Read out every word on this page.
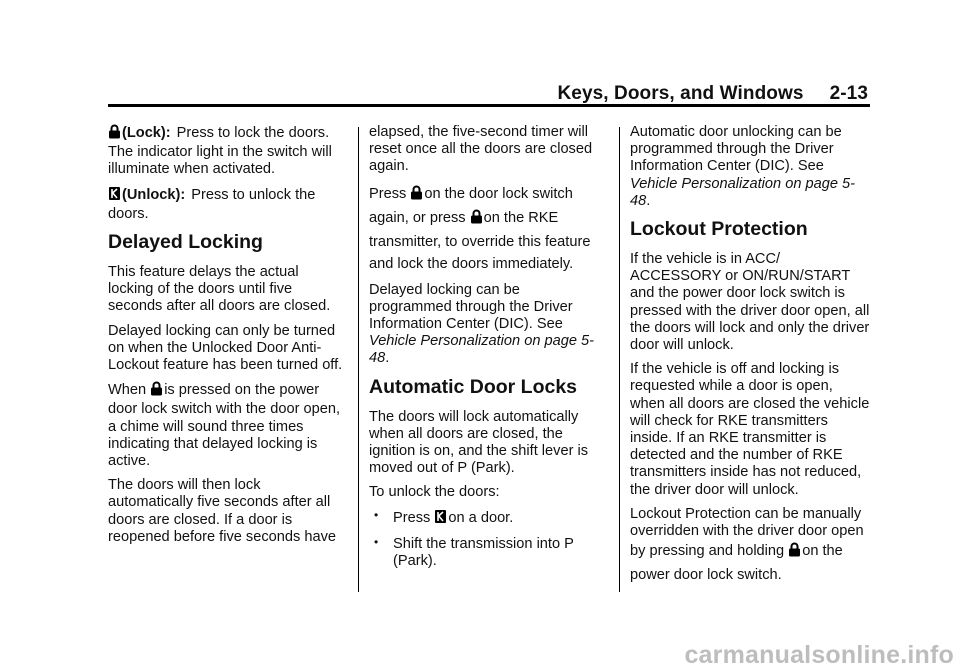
Keys, Doors, and Windows 2-13

(Lock): Press to lock the doors. The indicator light in the switch will illuminate when activated.

(Unlock): Press to unlock the
doors.

Delayed Locking

This feature delays the actual locking of the doors until five seconds after all doors are closed.

Delayed locking can only be turned on when the Unlocked Door Anti-Lockout feature has been turned off.

When is pressed on the power door lock switch with the door open, a chime will sound three times indicating that delayed locking is active.

The doors will then lock automatically five seconds after all doors are closed. If a door is reopened before five seconds have

elapsed, the five-second timer will reset once all the doors are closed again.

Press on the door lock switch
again, or press on the RKE
transmitter, to override this feature and lock the doors immediately.

Delayed locking can be programmed through the Driver Information Center (DIC). See Vehicle Personalization on page 5-48.

Automatic Door Locks

The doors will lock automatically when all doors are closed, the ignition is on, and the shift lever is moved out of P (Park).

To unlock the doors:

• Press on a door.
• Shift the transmission into P (Park).

Automatic door unlocking can be programmed through the Driver Information Center (DIC). See Vehicle Personalization on page 5-48.

Lockout Protection

If the vehicle is in ACC/ ACCESSORY or ON/RUN/START and the power door lock switch is pressed with the driver door open, all the doors will lock and only the driver door will unlock.

If the vehicle is off and locking is requested while a door is open, when all doors are closed the vehicle will check for RKE transmitters inside. If an RKE transmitter is detected and the number of RKE transmitters inside has not reduced, the driver door will unlock.

Lockout Protection can be manually overridden with the driver door open
by pressing and holding on the
power door lock switch.

carmanualsonline.info
